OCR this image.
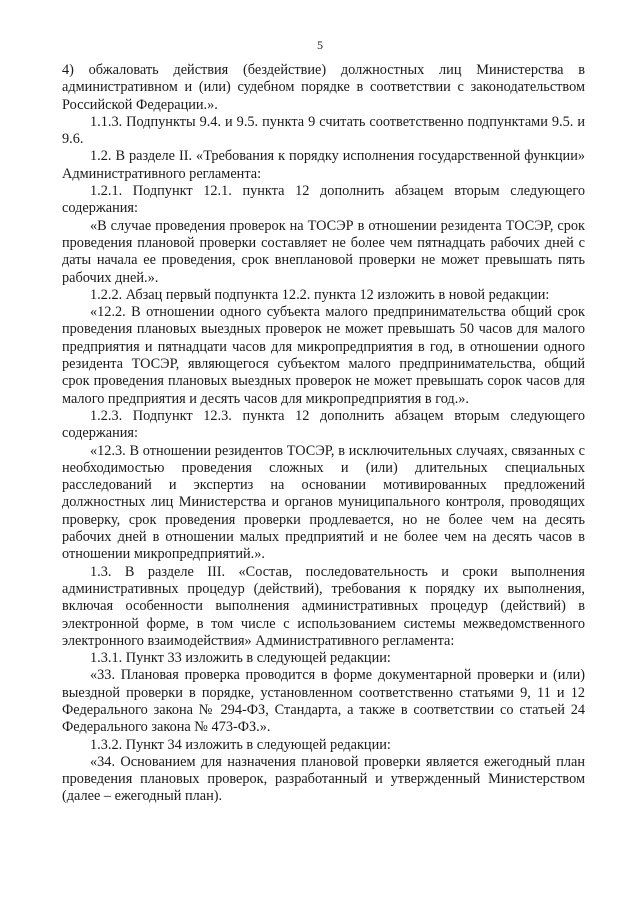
5

4) обжаловать действия (бездействие) должностных лиц Министерства в административном и (или) судебном порядке в соответствии с законодательством Российской Федерации.».

1.1.3. Подпункты 9.4. и 9.5. пункта 9 считать соответственно подпунктами 9.5. и 9.6.

1.2. В разделе II. «Требования к порядку исполнения государственной функции» Административного регламента:

1.2.1. Подпункт 12.1. пункта 12 дополнить абзацем вторым следующего содержания:

«В случае проведения проверок на ТОСЭР в отношении резидента ТОСЭР, срок проведения плановой проверки составляет не более чем пятнадцать рабочих дней с даты начала ее проведения, срок внеплановой проверки не может превышать пять рабочих дней.».

1.2.2. Абзац первый подпункта 12.2. пункта 12 изложить в новой редакции:

«12.2. В отношении одного субъекта малого предпринимательства общий срок проведения плановых выездных проверок не может превышать 50 часов для малого предприятия и пятнадцати часов для микропредприятия в год, в отношении одного резидента ТОСЭР, являющегося субъектом малого предпринимательства, общий срок проведения плановых выездных проверок не может превышать сорок часов для малого предприятия и десять часов для микропредприятия в год.».

1.2.3. Подпункт 12.3. пункта 12 дополнить абзацем вторым следующего содержания:

«12.3. В отношении резидентов ТОСЭР, в исключительных случаях, связанных с необходимостью проведения сложных и (или) длительных специальных расследований и экспертиз на основании мотивированных предложений должностных лиц Министерства и органов муниципального контроля, проводящих проверку, срок проведения проверки продлевается, но не более чем на десять рабочих дней в отношении малых предприятий и не более чем на десять часов в отношении микропредприятий.».

1.3. В разделе III. «Состав, последовательность и сроки выполнения административных процедур (действий), требования к порядку их выполнения, включая особенности выполнения административных процедур (действий) в электронной форме, в том числе с использованием системы межведомственного электронного взаимодействия» Административного регламента:

1.3.1. Пункт 33 изложить в следующей редакции:

«33. Плановая проверка проводится в форме документарной проверки и (или) выездной проверки в порядке, установленном соответственно статьями 9, 11 и 12 Федерального закона № 294-ФЗ, Стандарта, а также в соответствии со статьей 24 Федерального закона № 473-ФЗ.».

1.3.2. Пункт 34 изложить в следующей редакции:

«34. Основанием для назначения плановой проверки является ежегодный план проведения плановых проверок, разработанный и утвержденный Министерством (далее – ежегодный план).
